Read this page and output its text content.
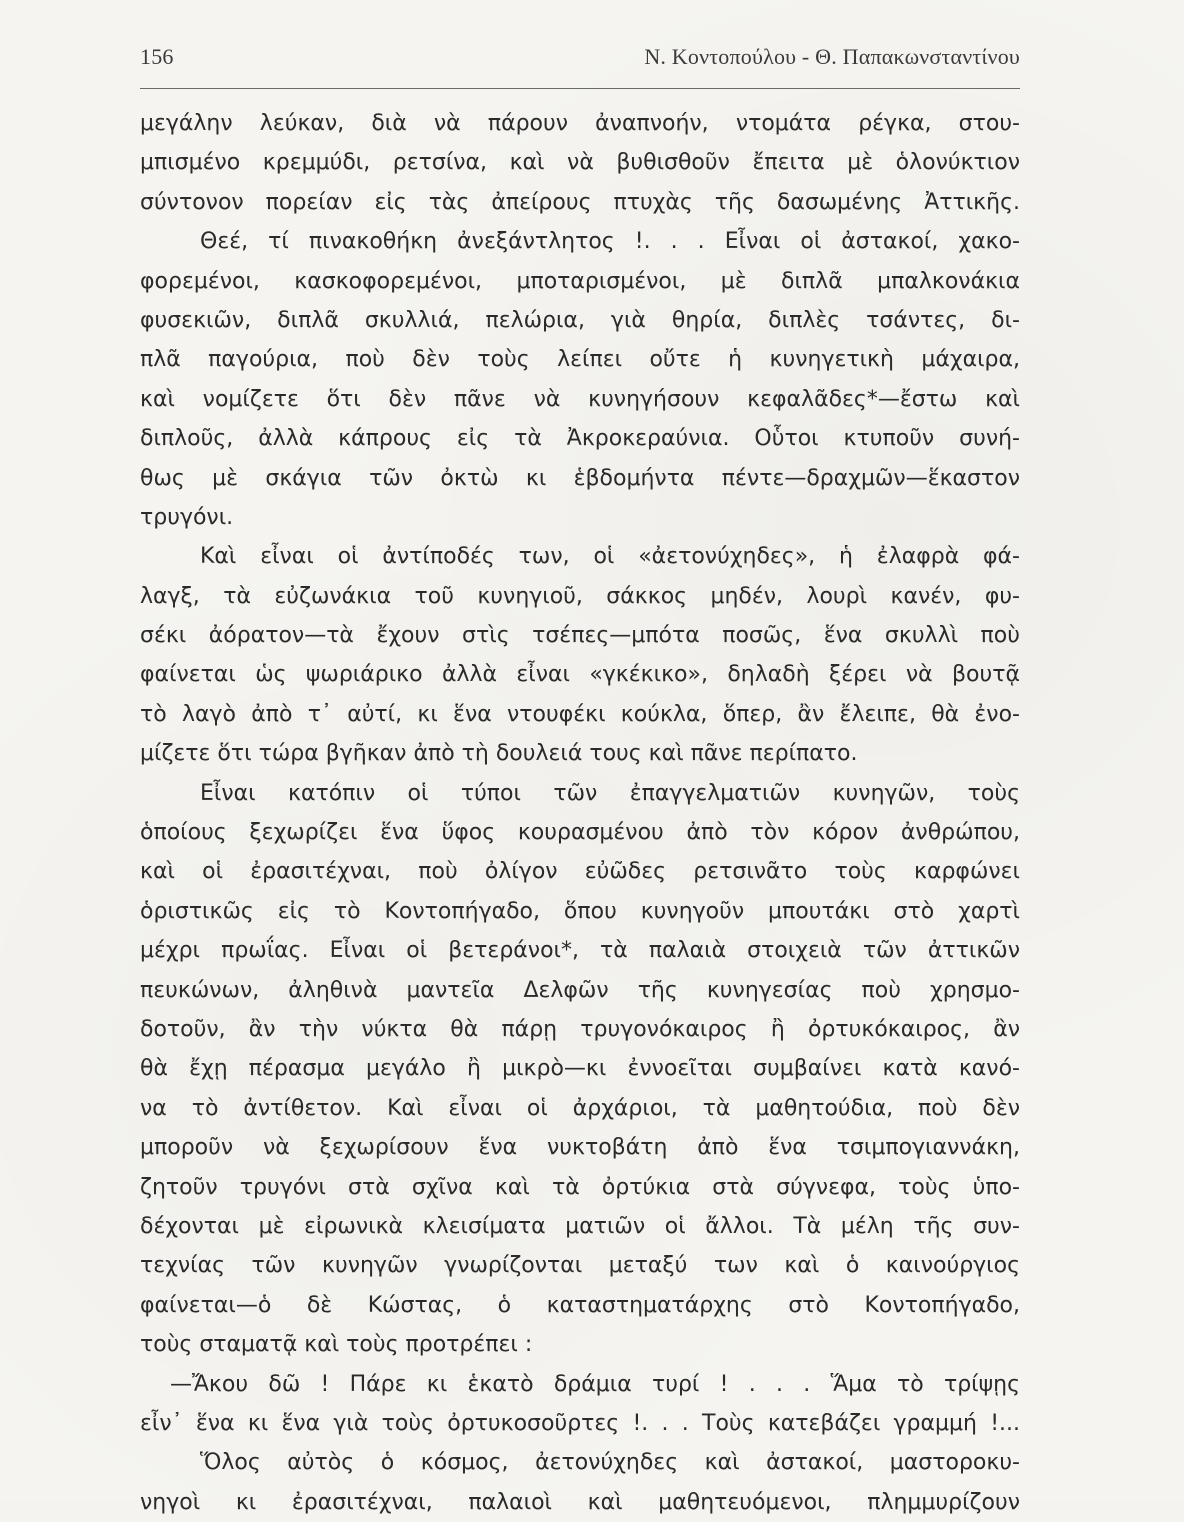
156	Ν. Κοντοπούλου - Θ. Παπακωνσταντίνου
μεγάλην λεύκαν, διὰ νὰ πάρουν ἀναπνοήν, ντομάτα ρέγκα, στου-
μπισμένο κρεμμύδι, ρετσίνα, καὶ νὰ βυθισθοῦν ἔπειτα μὲ ὁλονύκτιον
σύντονον πορείαν εἰς τὰς ἀπείρους πτυχὰς τῆς δασωμένης Ἀττικῆς.
Θεέ, τί πινακοθήκη ἀνεξάντλητος !. . . Εἶναι οἱ ἀστακοί, χακο-
φορεμένοι, κασκοφορεμένοι, μποταρισμένοι, μὲ διπλᾶ μπαλκονάκια
φυσεκιῶν, διπλᾶ σκυλλιά, πελώρια, γιὰ θηρία, διπλὲς τσάντες, δι-
πλᾶ παγούρια, ποὺ δὲν τοὺς λείπει οὔτε ἡ κυνηγετικὴ μάχαιρα,
καὶ νομίζετε ὅτι δὲν πᾶνε νὰ κυνηγήσουν κεφαλᾶδες*—ἔστω καὶ
διπλοῦς, ἀλλὰ κάπρους εἰς τὰ Ἀκροκεραύνια. Οὗτοι κτυποῦν συνή-
θως μὲ σκάγια τῶν ὀκτὼ κι ἑβδομήντα πέντε—δραχμῶν—ἕκαστον
τρυγόνι.
Καὶ εἶναι οἱ ἀντίποδές των, οἱ «ἀετονύχηδες», ἡ ἐλαφρὰ φά-
λαγξ, τὰ εὐζωνάκια τοῦ κυνηγιοῦ, σάκκος μηδέν, λουρὶ κανέν, φυ-
σέκι ἀόρατον—τὰ ἔχουν στὶς τσέπες—μπότα ποσῶς, ἕνα σκυλλὶ ποὺ
φαίνεται ὡς ψωριάρικο ἀλλὰ εἶναι «γκέκικο», δηλαδὴ ξέρει νὰ βουτᾷ
τὸ λαγὸ ἀπὸ τ᾽ αὐτί, κι ἕνα ντουφέκι κούκλα, ὅπερ, ἂν ἔλειπε, θὰ ἐνο-
μίζετε ὅτι τώρα βγῆκαν ἀπὸ τὴ δουλειά τους καὶ πᾶνε περίπατο.
Εἶναι κατόπιν οἱ τύποι τῶν ἐπαγγελματιῶν κυνηγῶν, τοὺς
ὁποίους ξεχωρίζει ἕνα ὕφος κουρασμένου ἀπὸ τὸν κόρον ἀνθρώπου,
καὶ οἱ ἐρασιτέχναι, ποὺ ὀλίγον εὐῶδες ρετσινᾶτο τοὺς καρφώνει
ὁριστικῶς εἰς τὸ Κοντοπήγαδο, ὅπου κυνηγοῦν μπουτάκι στὸ χαρτὶ
μέχρι πρωΐας. Εἶναι οἱ βετεράνοι*, τὰ παλαιὰ στοιχειὰ τῶν ἀττικῶν
πευκώνων, ἀληθινὰ μαντεῖα Δελφῶν τῆς κυνηγεσίας ποὺ χρησμο-
δοτοῦν, ἂν τὴν νύκτα θὰ πάρῃ τρυγονόκαιρος ἢ ὀρτυκόκαιρος, ἂν
θὰ ἔχῃ πέρασμα μεγάλο ἢ μικρὸ—κι ἐννοεῖται συμβαίνει κατὰ κανό-
να τὸ ἀντίθετον. Καὶ εἶναι οἱ ἀρχάριοι, τὰ μαθητούδια, ποὺ δὲν
μποροῦν νὰ ξεχωρίσουν ἕνα νυκτοβάτη ἀπὸ ἕνα τσιμπογιαννάκη,
ζητοῦν τρυγόνι στὰ σχῖνα καὶ τὰ ὀρτύκια στὰ σύγνεφα, τοὺς ὑπο-
δέχονται μὲ εἰρωνικὰ κλεισίματα ματιῶν οἱ ἄλλοι. Τὰ μέλη τῆς συν-
τεχνίας τῶν κυνηγῶν γνωρίζονται μεταξύ των καὶ ὁ καινούργιος
φαίνεται—ὁ δὲ Κώστας, ὁ καταστηματάρχης στὸ Κοντοπήγαδο,
τοὺς σταματᾷ καὶ τοὺς προτρέπει :
—Ἄκου δῶ ! Πάρε κι ἑκατὸ δράμια τυρί ! . . . Ἅμα τὸ τρίψῃς
εἶν᾽ ἕνα κι ἕνα γιὰ τοὺς ὀρτυκοσοῦρτες !. . . Τοὺς κατεβάζει γραμμή !...
Ὅλος αὐτὸς ὁ κόσμος, ἀετονύχηδες καὶ ἀστακοί, μαστορoκυ-
νηγοὶ κι ἐρασιτέχναι, παλαιοὶ καὶ μαθητευόμενοι, πλημμυρίζουν
